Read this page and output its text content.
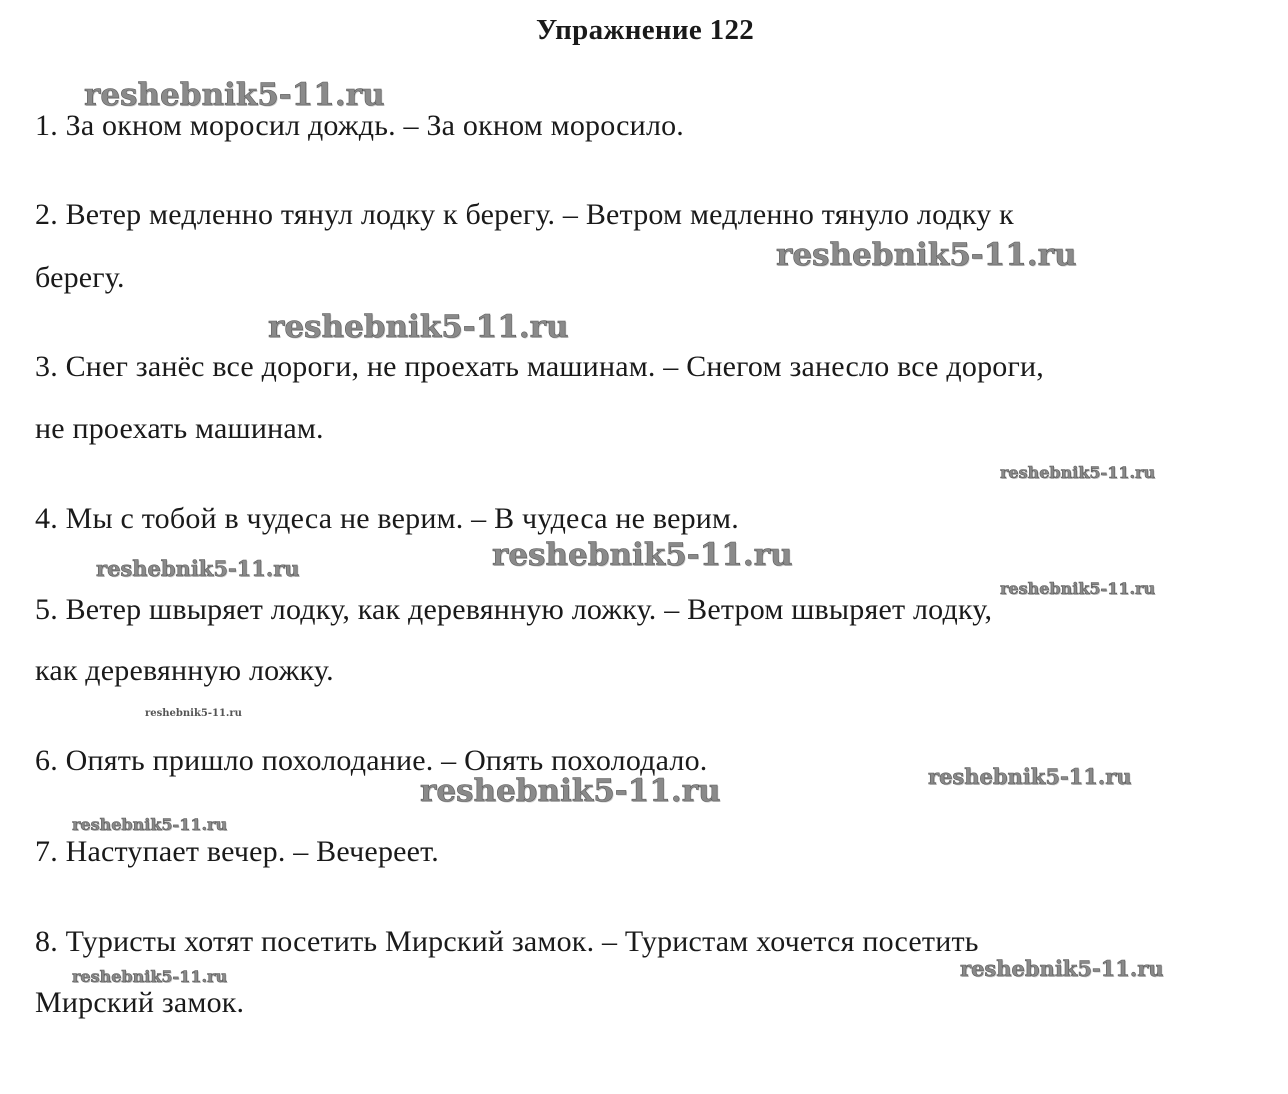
Упражнение 122
reshebnik5-11.ru
reshebnik5-11.ru
reshebnik5-11.ru
reshebnik5-11.ru
reshebnik5-11.ru
reshebnik5-11.ru
reshebnik5-11.ru
reshebnik5-11.ru
reshebnik5-11.ru
reshebnik5-11.ru
reshebnik5-11.ru
reshebnik5-11.ru
reshebnik5-11.ru
1. За окном моросил дождь. – За окном моросило.
2. Ветер медленно тянул лодку к берегу. – Ветром медленно тянуло лодку к
берегу.
3. Снег занёс все дороги, не проехать машинам. – Снегом занесло все дороги,
не проехать машинам.
4. Мы с тобой в чудеса не верим. – В чудеса не верим.
5. Ветер швыряет лодку, как деревянную ложку. – Ветром швыряет лодку,
как деревянную ложку.
6. Опять пришло похолодание. – Опять похолодало.
7. Наступает вечер. – Вечереет.
8. Туристы хотят посетить Мирский замок. – Туристам хочется посетить
Мирский замок.
